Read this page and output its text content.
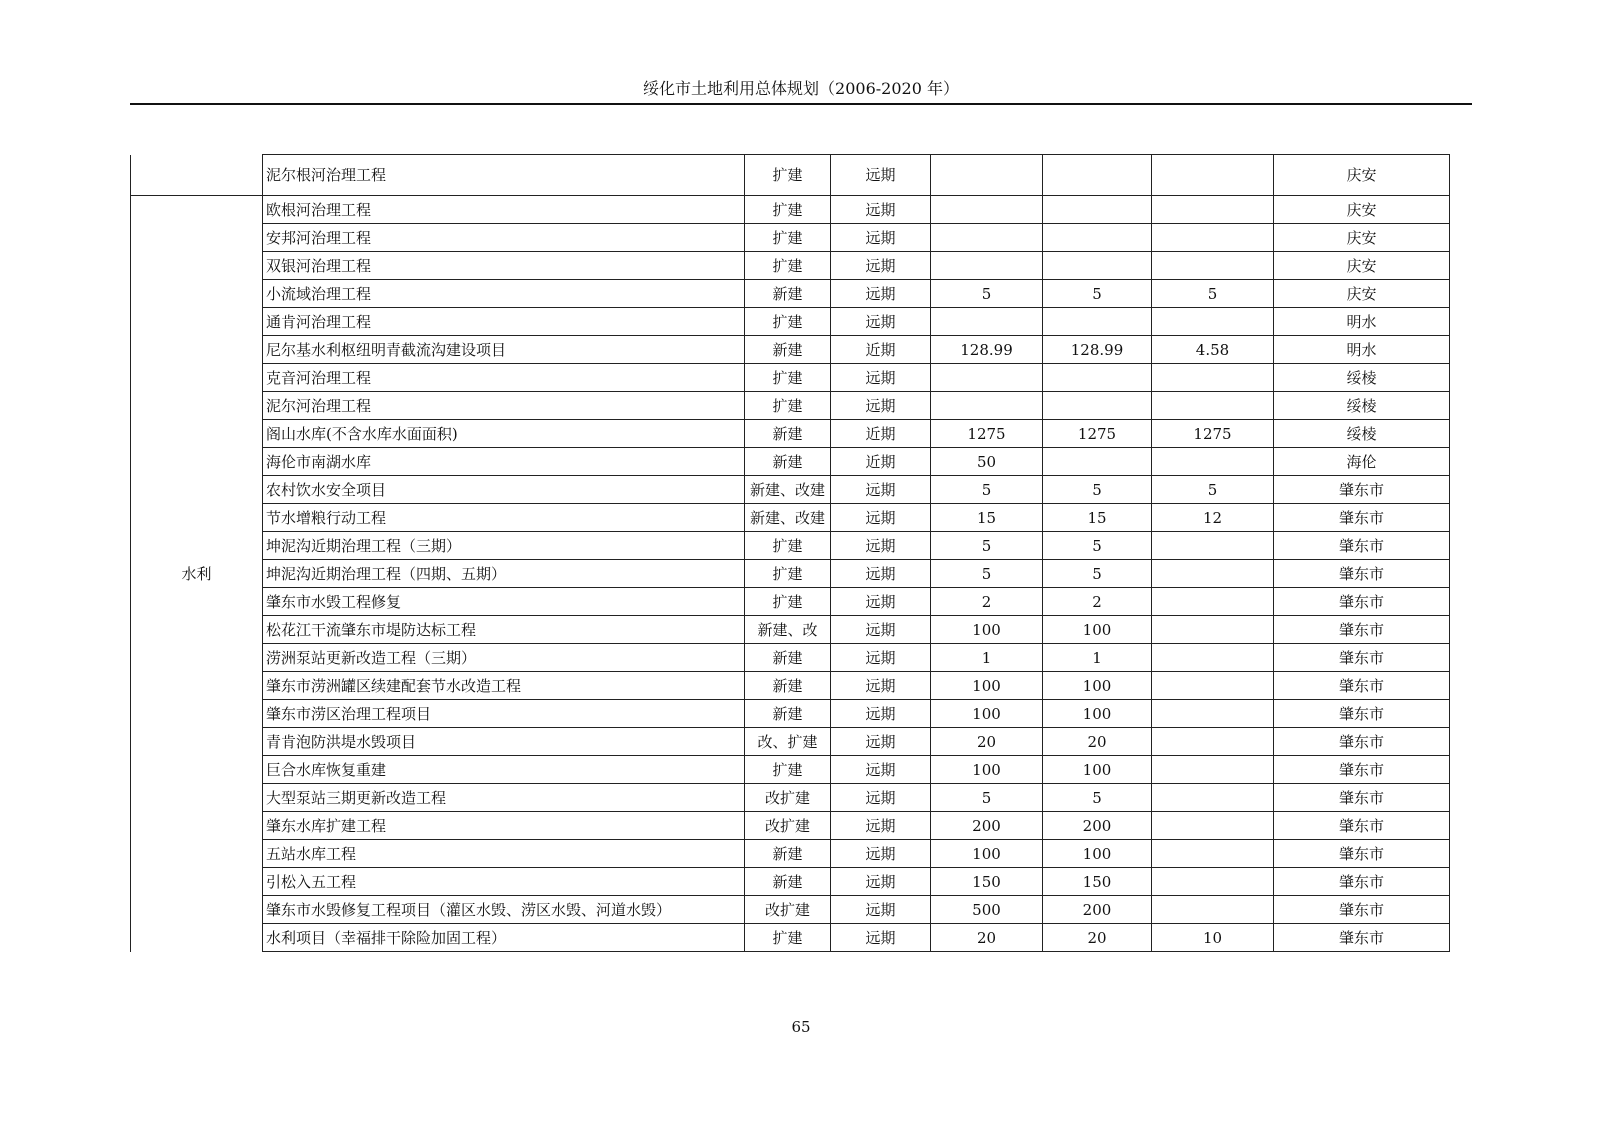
绥化市土地利用总体规划（2006-2020 年）
	泥尔根河治理工程	扩建	远期				庆安
水利	欧根河治理工程	扩建	远期				庆安
	安邦河治理工程	扩建	远期				庆安
	双银河治理工程	扩建	远期				庆安
	小流域治理工程	新建	远期	5	5	5	庆安
	通肯河治理工程	扩建	远期				明水
	尼尔基水利枢纽明青截流沟建设项目	新建	近期	128.99	128.99	4.58	明水
	克音河治理工程	扩建	远期				绥棱
	泥尔河治理工程	扩建	远期				绥棱
	阁山水库(不含水库水面面积)	新建	近期	1275	1275	1275	绥棱
	海伦市南湖水库	新建	近期	50			海伦
	农村饮水安全项目	新建、改建	远期	5	5	5	肇东市
	节水增粮行动工程	新建、改建	远期	15	15	12	肇东市
	坤泥沟近期治理工程（三期）	扩建	远期	5	5		肇东市
	坤泥沟近期治理工程（四期、五期）	扩建	远期	5	5		肇东市
	肇东市水毁工程修复	扩建	远期	2	2		肇东市
	松花江干流肇东市堤防达标工程	新建、改	远期	100	100		肇东市
	涝洲泵站更新改造工程（三期）	新建	远期	1	1		肇东市
	肇东市涝洲罐区续建配套节水改造工程	新建	远期	100	100		肇东市
	肇东市涝区治理工程项目	新建	远期	100	100		肇东市
	青肯泡防洪堤水毁项目	改、扩建	远期	20	20		肇东市
	巨合水库恢复重建	扩建	远期	100	100		肇东市
	大型泵站三期更新改造工程	改扩建	远期	5	5		肇东市
	肇东水库扩建工程	改扩建	远期	200	200		肇东市
	五站水库工程	新建	远期	100	100		肇东市
	引松入五工程	新建	远期	150	150		肇东市
	肇东市水毁修复工程项目（灌区水毁、涝区水毁、河道水毁）	改扩建	远期	500	200		肇东市
	水利项目（幸福排干除险加固工程）	扩建	远期	20	20	10	肇东市
65
